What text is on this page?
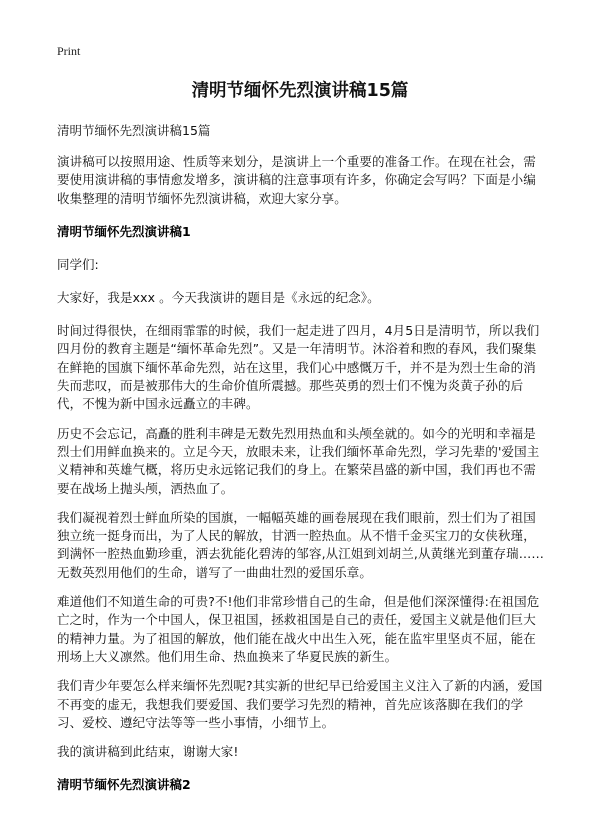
Print
清明节缅怀先烈演讲稿15篇

清明节缅怀先烈演讲稿15篇

演讲稿可以按照用途、性质等来划分，是演讲上一个重要的准备工作。在现在社会，需要使用演讲稿的事情愈发增多，演讲稿的注意事项有许多，你确定会写吗？下面是小编收集整理的清明节缅怀先烈演讲稿，欢迎大家分享。

清明节缅怀先烈演讲稿1

同学们:

大家好，我是xxx 。今天我演讲的题目是《永远的纪念》。

时间过得很快，在细雨霏霏的时候，我们一起走进了四月，4月5日是清明节，所以我们四月份的教育主题是“缅怀革命先烈”。又是一年清明节。沐浴着和煦的春风，我们聚集在鲜艳的国旗下缅怀革命先烈，站在这里，我们心中感慨万千，并不是为烈士生命的消失而悲叹，而是被那伟大的生命价值所震撼。那些英勇的烈士们不愧为炎黄子孙的后代，不愧为新中国永远矗立的丰碑。

历史不会忘记，高矗的胜利丰碑是无数先烈用热血和头颅垒就的。如今的光明和幸福是烈士们用鲜血换来的。立足今天，放眼未来，让我们缅怀革命先烈，学习先辈的'爱国主义精神和英雄气概，将历史永远铭记我们的身上。在繁荣昌盛的新中国，我们再也不需要在战场上抛头颅，洒热血了。

我们凝视着烈士鲜血所染的国旗，一幅幅英雄的画卷展现在我们眼前，烈士们为了祖国独立统一挺身而出，为了人民的解放，甘洒一腔热血。从不惜千金买宝刀的女侠秋瑾，到满怀一腔热血勤珍重，洒去犹能化碧涛的邹容,从江姐到刘胡兰,从黄继光到董存瑞……无数英烈用他们的生命，谱写了一曲曲壮烈的爱国乐章。

难道他们不知道生命的可贵?不!他们非常珍惜自己的生命，但是他们深深懂得:在祖国危亡之时，作为一个中国人，保卫祖国，拯救祖国是自己的责任，爱国主义就是他们巨大的精神力量。为了祖国的解放，他们能在战火中出生入死，能在监牢里坚贞不屈，能在刑场上大义凛然。他们用生命、热血换来了华夏民族的新生。

我们青少年要怎么样来缅怀先烈呢?其实新的世纪早已给爱国主义注入了新的内涵，爱国不再变的虚无，我想我们要爱国、我们要学习先烈的精神，首先应该落脚在我们的学习、爱校、遵纪守法等等一些小事情，小细节上。

我的演讲稿到此结束，谢谢大家!

清明节缅怀先烈演讲稿2
